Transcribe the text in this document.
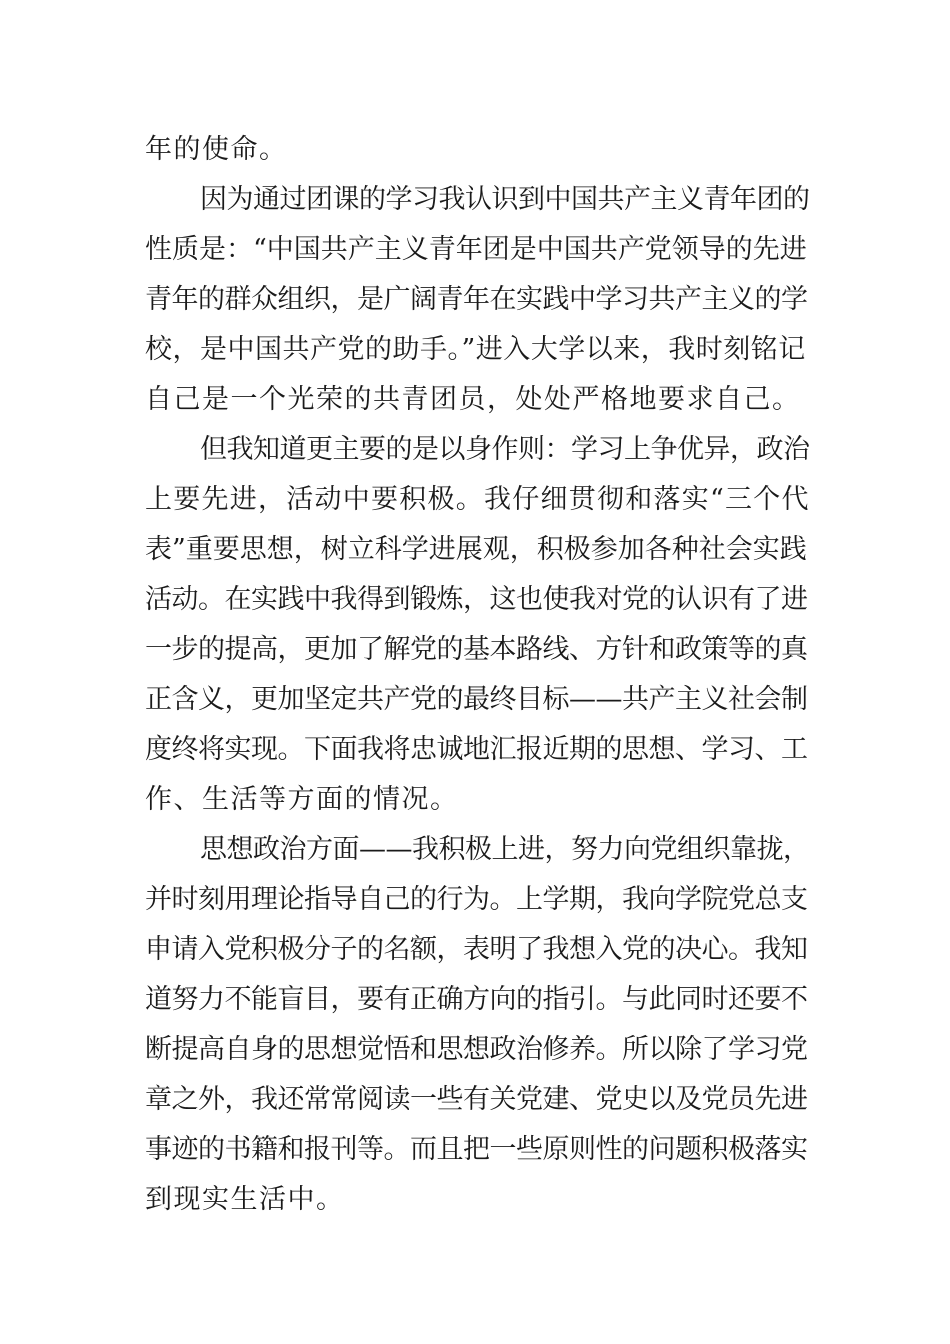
年的使命。

因为通过团课的学习我认识到中国共产主义青年团的

性质是：“中国共产主义青年团是中国共产党领导的先进

青年的群众组织，是广阔青年在实践中学习共产主义的学

校，是中国共产党的助手。”进入大学以来，我时刻铭记

自己是一个光荣的共青团员，处处严格地要求自己。

但我知道更主要的是以身作则：学习上争优异，政治

上要先进，活动中要积极。我仔细贯彻和落实“三个代

表”重要思想，树立科学进展观，积极参加各种社会实践

活动。在实践中我得到锻炼，这也使我对党的认识有了进

一步的提高，更加了解党的基本路线、方针和政策等的真

正含义，更加坚定共产党的最终目标——共产主义社会制

度终将实现。下面我将忠诚地汇报近期的思想、学习、工

作、生活等方面的情况。

思想政治方面——我积极上进，努力向党组织靠拢，

并时刻用理论指导自己的行为。上学期，我向学院党总支

申请入党积极分子的名额，表明了我想入党的决心。我知

道努力不能盲目，要有正确方向的指引。与此同时还要不

断提高自身的思想觉悟和思想政治修养。所以除了学习党

章之外，我还常常阅读一些有关党建、党史以及党员先进

事迹的书籍和报刊等。而且把一些原则性的问题积极落实

到现实生活中。
